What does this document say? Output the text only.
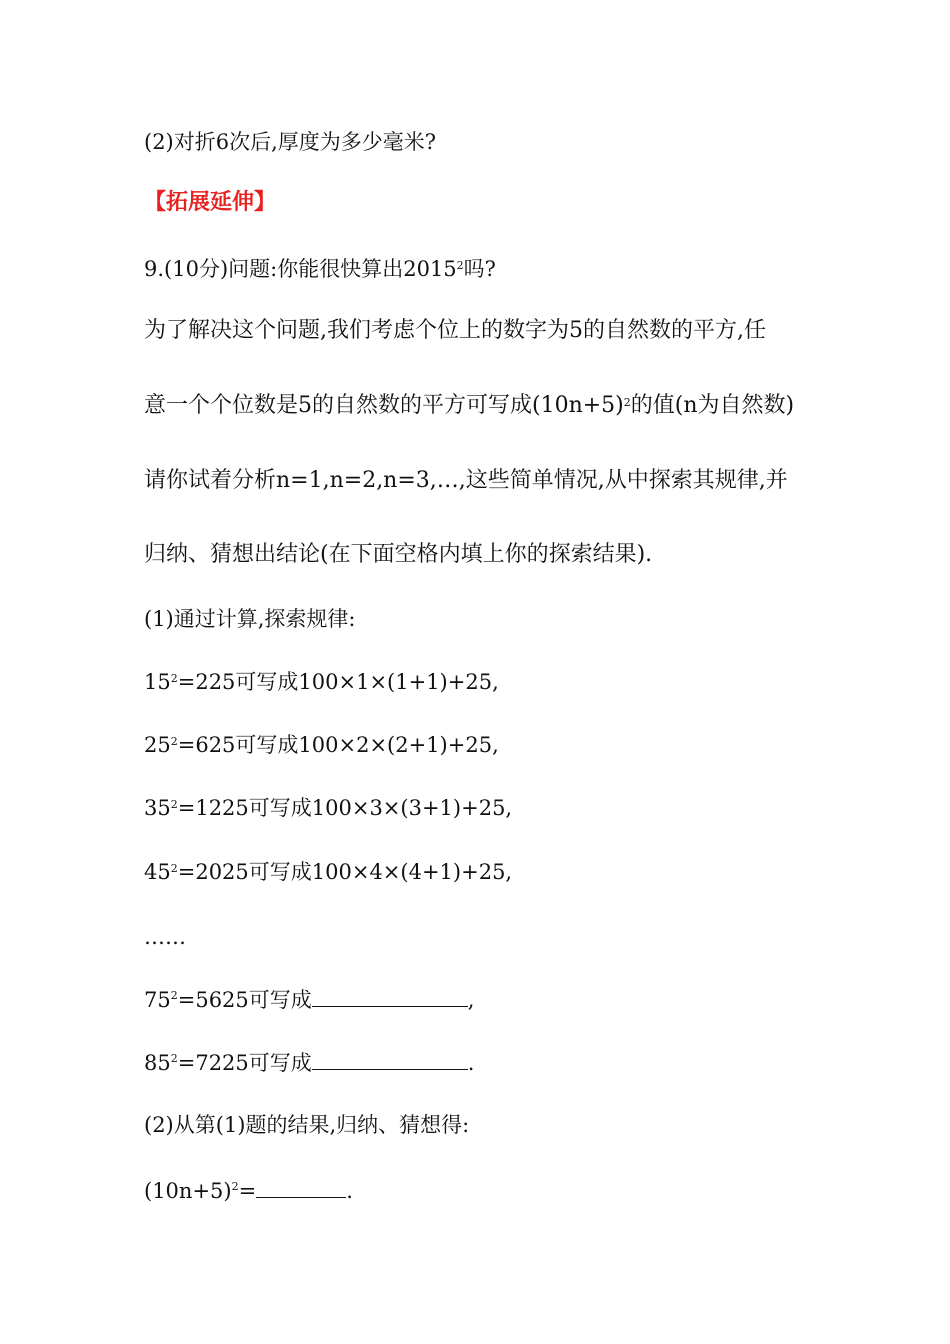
(2)对折6次后,厚度为多少毫米?
【拓展延伸】
9.(10分)问题:你能很快算出2015$^2$吗?
为了解决这个问题,我们考虑个位上的数字为5的自然数的平方,任
意一个个位数是5的自然数的平方可写成$(10n+5)^2$的值(n为自然数)
请你试着分析n=1,n=2,n=3,…,这些简单情况,从中探索其规律,并
归纳、猜想出结论(在下面空格内填上你的探索结果).
(1)通过计算,探索规律:
$15^2=225$可写成100×1×(1+1)+25,
$25^2=625$可写成100×2×(2+1)+25,
$35^2=1225$可写成100×3×(3+1)+25,
$45^2=2025$可写成100×4×(4+1)+25,
……
$75^2=5625$可写成	,
$85^2=7225$可写成	.
(2)从第(1)题的结果,归纳、猜想得:
$(10n+5)^2=$	.
